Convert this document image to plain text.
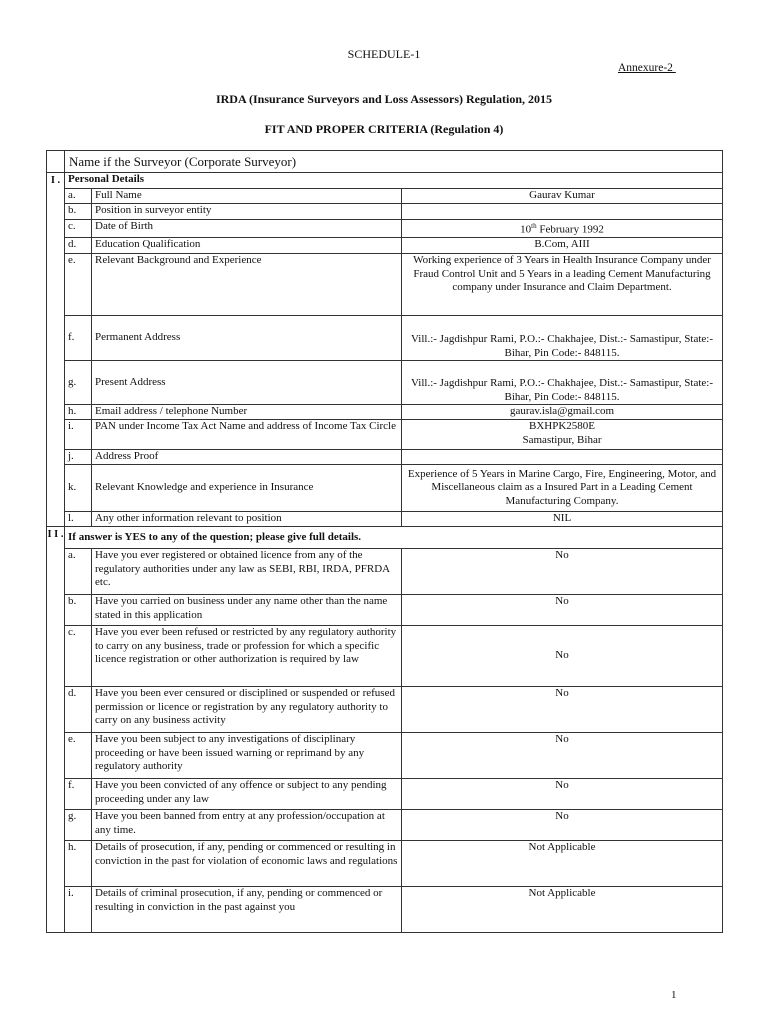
SCHEDULE-1
Annexure-2
IRDA (Insurance Surveyors and Loss Assessors) Regulation, 2015
FIT AND PROPER CRITERIA (Regulation 4)
	Name if the Surveyor (Corporate Surveyor)		
I .	Personal Details		
	a.	Full Name	Gaurav Kumar
	b.	Position in surveyor entity	
	c.	Date of Birth	10th February 1992
	d.	Education Qualification	B.Com, AIII
	e.	Relevant Background and Experience	Working experience of 3 Years in Health Insurance Company under Fraud Control Unit and 5 Years in a leading Cement Manufacturing company under Insurance and Claim Department.
	f.	Permanent Address	Vill.:- Jagdishpur Rami, P.O.:- Chakhajee, Dist.:- Samastipur, State:- Bihar, Pin Code:- 848115.
	g.	Present Address	Vill.:- Jagdishpur Rami, P.O.:- Chakhajee, Dist.:- Samastipur, State:- Bihar, Pin Code:- 848115.
	h.	Email address / telephone Number	gaurav.isla@gmail.com
	i.	PAN under Income Tax Act Name and address of Income Tax Circle	BXHPK2580E
Samastipur, Bihar

	j.	Address Proof	
	k.	Relevant Knowledge and experience in Insurance	Experience of 5 Years in Marine Cargo, Fire, Engineering, Motor, and Miscellaneous claim as a Insured Part in a Leading Cement Manufacturing Company.
	l.	Any other information relevant to position	NIL
I I .	If answer is YES to any of the question; please give full details.		
	a.	Have you ever registered or obtained licence from any of the regulatory authorities under any law as SEBI, RBI, IRDA, PFRDA etc.	No
	b.	Have you carried on business under any name other than the name stated in this application	No
	c.	Have you ever been refused or restricted by any regulatory authority to carry on any business, trade or profession for which a specific licence registration or other authorization is required by law	No
	d.	Have you been ever censured or disciplined or suspended or refused permission or licence or registration by any regulatory authority to carry on any business activity	No
	e.	Have you been subject to any investigations of disciplinary proceeding or have been issued warning or reprimand by any regulatory authority	No
	f.	Have you been convicted of any offence or subject to any pending proceeding under any law	No
	g.	Have you been banned from entry at any profession/occupation at any time.	No
	h.	Details of prosecution, if any, pending or commenced or resulting in conviction in the past for violation of economic laws and regulations	Not Applicable
	i.	Details of criminal prosecution, if any, pending or commenced or resulting in conviction in the past against you	Not Applicable
1
